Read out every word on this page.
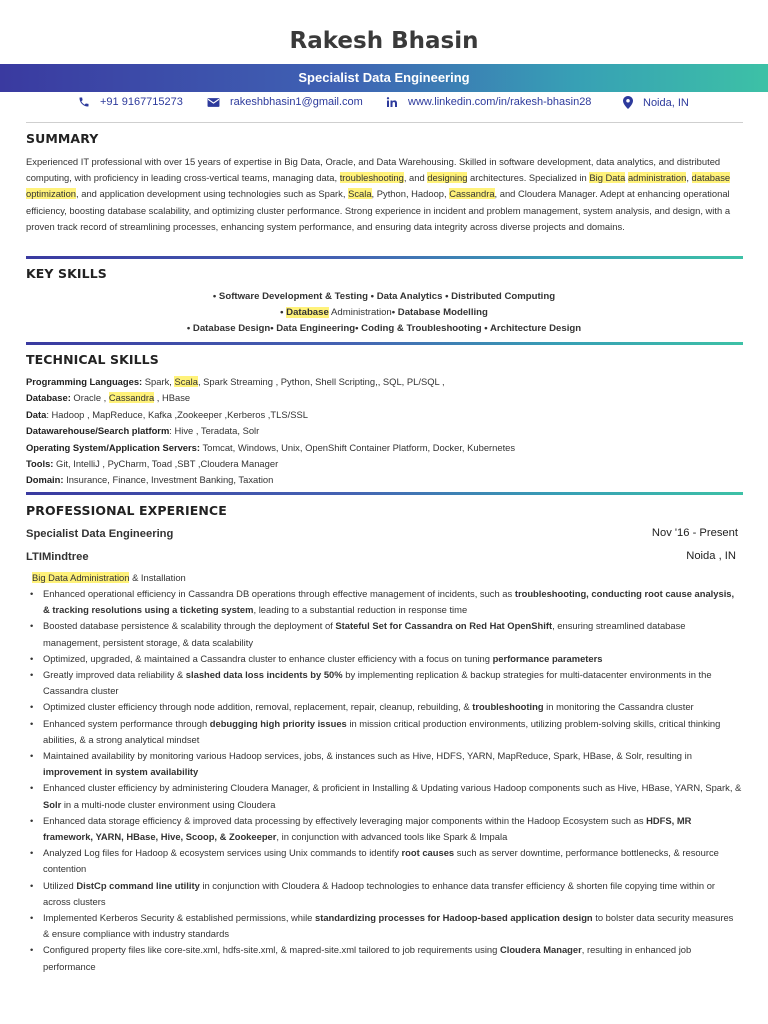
Rakesh Bhasin
Specialist Data Engineering
+91 9167715273	rakeshbhasin1@gmail.com	www.linkedin.com/in/rakesh-bhasin28	Noida, IN
SUMMARY
Experienced IT professional with over 15 years of expertise in Big Data, Oracle, and Data Warehousing. Skilled in software development, data analytics, and distributed computing, with proficiency in leading cross-vertical teams, managing data, troubleshooting, and designing architectures. Specialized in Big Data administration, database optimization, and application development using technologies such as Spark, Scala, Python, Hadoop, Cassandra, and Cloudera Manager. Adept at enhancing operational efficiency, boosting database scalability, and optimizing cluster performance. Strong experience in incident and problem management, system analysis, and design, with a proven track record of streamlining processes, enhancing system performance, and ensuring data integrity across diverse projects and domains.
KEY SKILLS
• Software Development & Testing • Data Analytics • Distributed Computing
• Database Administration• Database Modelling
• Database Design• Data Engineering• Coding & Troubleshooting • Architecture Design
TECHNICAL SKILLS
Programming Languages: Spark, Scala, Spark Streaming , Python, Shell Scripting,, SQL, PL/SQL ,
Database: Oracle , Cassandra , HBase
Data: Hadoop , MapReduce, Kafka ,Zookeeper ,Kerberos ,TLS/SSL
Datawarehouse/Search platform: Hive , Teradata, Solr
Operating System/Application Servers: Tomcat, Windows, Unix, OpenShift Container Platform, Docker, Kubernetes
Tools: Git, IntelliJ , PyCharm, Toad ,SBT ,Cloudera Manager
Domain: Insurance, Finance, Investment Banking, Taxation
PROFESSIONAL EXPERIENCE
Specialist Data Engineering	Nov '16 - Present
LTIMindtree	Noida , IN
Big Data Administration & Installation
• Enhanced operational efficiency in Cassandra DB operations through effective management of incidents, such as troubleshooting, conducting root cause analysis, & tracking resolutions using a ticketing system, leading to a substantial reduction in response time
• Boosted database persistence & scalability through the deployment of Stateful Set for Cassandra on Red Hat OpenShift, ensuring streamlined database management, persistent storage, & data scalability
• Optimized, upgraded, & maintained a Cassandra cluster to enhance cluster efficiency with a focus on tuning performance parameters
• Greatly improved data reliability & slashed data loss incidents by 50% by implementing replication & backup strategies for multi-datacenter environments in the Cassandra cluster
• Optimized cluster efficiency through node addition, removal, replacement, repair, cleanup, rebuilding, & troubleshooting in monitoring the Cassandra cluster
• Enhanced system performance through debugging high priority issues in mission critical production environments, utilizing problem-solving skills, critical thinking abilities, & a strong analytical mindset
• Maintained availability by monitoring various Hadoop services, jobs, & instances such as Hive, HDFS, YARN, MapReduce, Spark, HBase, & Solr, resulting in improvement in system availability
• Enhanced cluster efficiency by administering Cloudera Manager, & proficient in Installing & Updating various Hadoop components such as Hive, HBase, YARN, Spark, & Solr in a multi-node cluster environment using Cloudera
• Enhanced data storage efficiency & improved data processing by effectively leveraging major components within the Hadoop Ecosystem such as HDFS, MR framework, YARN, HBase, Hive, Scoop, & Zookeeper, in conjunction with advanced tools like Spark & Impala
• Analyzed Log files for Hadoop & ecosystem services using Unix commands to identify root causes such as server downtime, performance bottlenecks, & resource contention
• Utilized DistCp command line utility in conjunction with Cloudera & Hadoop technologies to enhance data transfer efficiency & shorten file copying time within or across clusters
• Implemented Kerberos Security & established permissions, while standardizing processes for Hadoop-based application design to bolster data security measures & ensure compliance with industry standards
• Configured property files like core-site.xml, hdfs-site.xml, & mapred-site.xml tailored to job requirements using Cloudera Manager, resulting in enhanced job performance
